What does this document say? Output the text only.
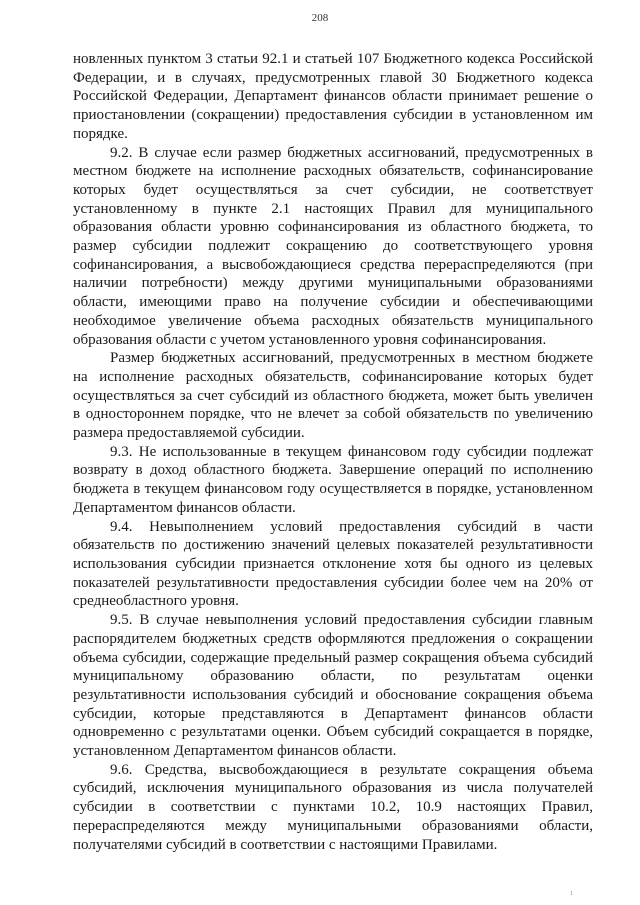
208

новленных пунктом 3 статьи 92.1 и статьей 107 Бюджетного кодекса Российской Федерации, и в случаях, предусмотренных главой 30 Бюджетного кодекса Российской Федерации, Департамент финансов области принимает решение о приостановлении (сокращении) предоставления субсидии в установленном им порядке.

9.2. В случае если размер бюджетных ассигнований, предусмотренных в местном бюджете на исполнение расходных обязательств, софинансирование которых будет осуществляться за счет субсидии, не соответствует установленному в пункте 2.1 настоящих Правил для муниципального образования области уровню софинансирования из областного бюджета, то размер субсидии подлежит сокращению до соответствующего уровня софинансирования, а высвобождающиеся средства перераспределяются (при наличии потребности) между другими муниципальными образованиями области, имеющими право на получение субсидии и обеспечивающими необходимое увеличение объема расходных обязательств муниципального образования области с учетом установленного уровня софинансирования.

Размер бюджетных ассигнований, предусмотренных в местном бюджете на исполнение расходных обязательств, софинансирование которых будет осуществляться за счет субсидий из областного бюджета, может быть увеличен в одностороннем порядке, что не влечет за собой обязательств по увеличению размера предоставляемой субсидии.

9.3. Не использованные в текущем финансовом году субсидии подлежат возврату в доход областного бюджета. Завершение операций по исполнению бюджета в текущем финансовом году осуществляется в порядке, установленном Департаментом финансов области.

9.4. Невыполнением условий предоставления субсидий в части обязательств по достижению значений целевых показателей результативности использования субсидии признается отклонение хотя бы одного из целевых показателей результативности предоставления субсидии более чем на 20% от среднеобластного уровня.

9.5. В случае невыполнения условий предоставления субсидии главным распорядителем бюджетных средств оформляются предложения о сокращении объема субсидии, содержащие предельный размер сокращения объема субсидий муниципальному образованию области, по результатам оценки результативности использования субсидий и обоснование сокращения объема субсидии, которые представляются в Департамент финансов области одновременно с результатами оценки. Объем субсидий сокращается в порядке, установленном Департаментом финансов области.

9.6. Средства, высвобождающиеся в результате сокращения объема субсидий, исключения муниципального образования из числа получателей субсидии в соответствии с пунктами 10.2, 10.9 настоящих Правил, перераспределяются между муниципальными образованиями области, получателями субсидий в соответствии с настоящими Правилами.

1
